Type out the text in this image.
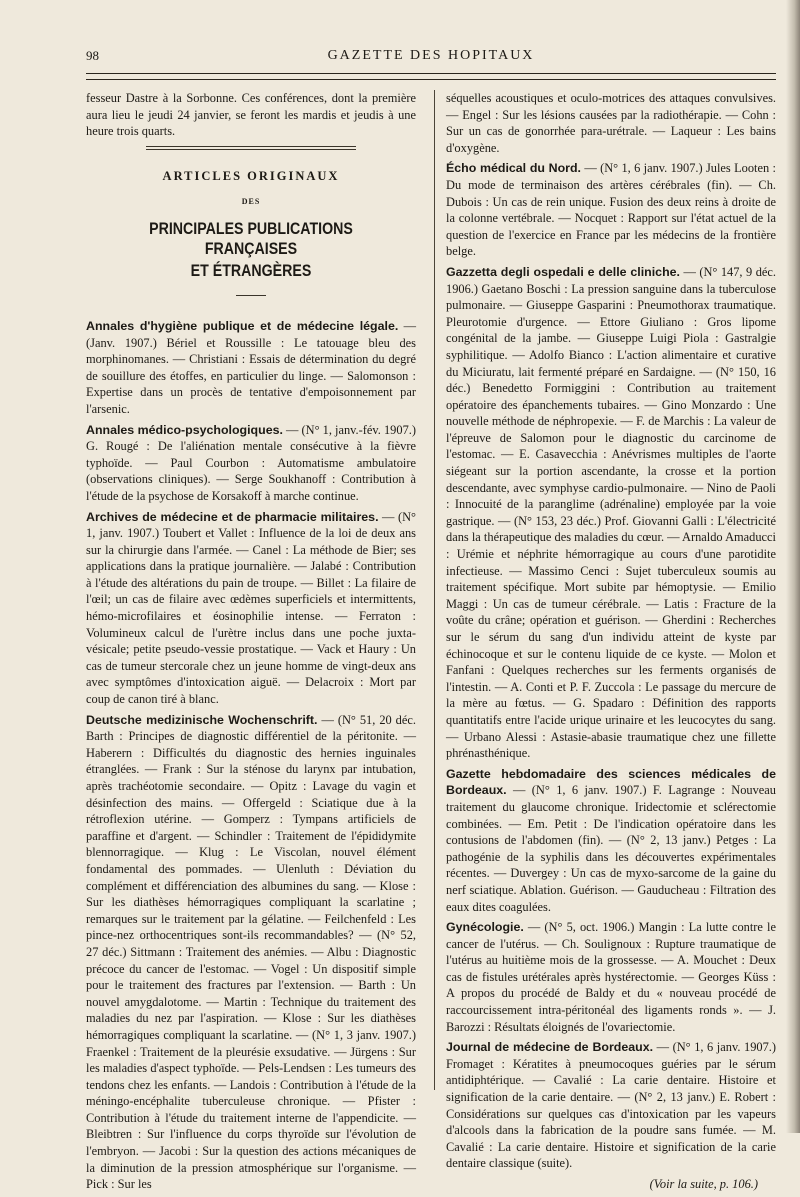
98	GAZETTE DES HOPITAUX

fesseur Dastre à la Sorbonne. Ces conférences, dont la première aura lieu le jeudi 24 janvier, se feront les mardis et jeudis à une heure trois quarts.

ARTICLES ORIGINAUX
DES
PRINCIPALES PUBLICATIONS FRANÇAISES
ET ÉTRANGÈRES

Annales d'hygiène publique et de médecine légale. — (Janv. 1907.) Bériel et Roussille : Le tatouage bleu des morphinomanes. — Christiani : Essais de détermination du degré de souillure des étoffes, en particulier du linge. — Salomonson : Expertise dans un procès de tentative d'empoisonnement par l'arsenic.

Annales médico-psychologiques. — (N° 1, janv.-fév. 1907.) G. Rougé : De l'aliénation mentale consécutive à la fièvre typhoïde. — Paul Courbon : Automatisme ambulatoire (observations cliniques). — Serge Soukhanoff : Contribution à l'étude de la psychose de Korsakoff à marche continue.

Archives de médecine et de pharmacie militaires. — (N° 1, janv. 1907.) Toubert et Vallet : Influence de la loi de deux ans sur la chirurgie dans l'armée. — Canel : La méthode de Bier; ses applications dans la pratique journalière. — Jalabé : Contribution à l'étude des altérations du pain de troupe. — Billet : La filaire de l'œil; un cas de filaire avec œdèmes superficiels et intermittents, hémo-microfilaires et éosinophilie intense. — Ferraton : Volumineux calcul de l'urètre inclus dans une poche juxta-vésicale; petite pseudo-vessie prostatique. — Vack et Haury : Un cas de tumeur stercorale chez un jeune homme de vingt-deux ans avec symptômes d'intoxication aiguë. — Delacroix : Mort par coup de canon tiré à blanc.

Deutsche medizinische Wochenschrift. — (N° 51, 20 déc. Barth : Principes de diagnostic différentiel de la péritonite. — Haberern : Difficultés du diagnostic des hernies inguinales étranglées. — Frank : Sur la sténose du larynx par intubation, après trachéotomie secondaire. — Opitz : Lavage du vagin et désinfection des mains. — Offergeld : Sciatique due à la rétroflexion utérine. — Gomperz : Tympans artificiels de paraffine et d'argent. — Schindler : Traitement de l'épididymite blennorragique. — Klug : Le Viscolan, nouvel élément fondamental des pommades. — Ulenluth : Déviation du complément et différenciation des albumines du sang. — Klose : Sur les diathèses hémorragiques compliquant la scarlatine ; remarques sur le traitement par la gélatine. — Feilchenfeld : Les pince-nez orthocentriques sont-ils recommandables? — (N° 52, 27 déc.) Sittmann : Traitement des anémies. — Albu : Diagnostic précoce du cancer de l'estomac. — Vogel : Un dispositif simple pour le traitement des fractures par l'extension. — Barth : Un nouvel amygdalotome. — Martin : Technique du traitement des maladies du nez par l'aspiration. — Klose : Sur les diathèses hémorragiques compliquant la scarlatine. — (N° 1, 3 janv. 1907.) Fraenkel : Traitement de la pleurésie exsudative. — Jürgens : Sur les maladies d'aspect typhoïde. — Pels-Lendsen : Les tumeurs des tendons chez les enfants. — Landois : Contribution à l'étude de la méningo-encéphalite tuberculeuse chronique. — Pfister : Contribution à l'étude du traitement interne de l'appendicite. — Bleibtren : Sur l'influence du corps thyroïde sur l'évolution de l'embryon. — Jacobi : Sur la question des actions mécaniques de la diminution de la pression atmosphérique sur l'organisme. — Pick : Sur les

séquelles acoustiques et oculo-motrices des attaques convulsives. — Engel : Sur les lésions causées par la radiothérapie. — Cohn : Sur un cas de gonorrhée para-urétrale. — Laqueur : Les bains d'oxygène.

Écho médical du Nord. — (N° 1, 6 janv. 1907.) Jules Looten : Du mode de terminaison des artères cérébrales (fin). — Ch. Dubois : Un cas de rein unique. Fusion des deux reins à droite de la colonne vertébrale. — Nocquet : Rapport sur l'état actuel de la question de l'exercice en France par les médecins de la frontière belge.

Gazzetta degli ospedali e delle cliniche. — (N° 147, 9 déc. 1906.) Gaetano Boschi : La pression sanguine dans la tuberculose pulmonaire. — Giuseppe Gasparini : Pneumothorax traumatique. Pleurotomie d'urgence. — Ettore Giuliano : Gros lipome congénital de la jambe. — Giuseppe Luigi Piola : Gastralgie syphilitique. — Adolfo Bianco : L'action alimentaire et curative du Miciuratu, lait fermenté préparé en Sardaigne. — (N° 150, 16 déc.) Benedetto Formiggini : Contribution au traitement opératoire des épanchements tubaires. — Gino Monzardo : Une nouvelle méthode de néphropexie. — F. de Marchis : La valeur de l'épreuve de Salomon pour le diagnostic du carcinome de l'estomac. — E. Casavecchia : Anévrismes multiples de l'aorte siégeant sur la portion ascendante, la crosse et la portion descendante, avec symphyse cardio-pulmonaire. — Nino de Paoli : Innocuité de la paranglime (adrénaline) employée par la voie gastrique. — (N° 153, 23 déc.) Prof. Giovanni Galli : L'électricité dans la thérapeutique des maladies du cœur. — Arnaldo Amaducci : Urémie et néphrite hémorragique au cours d'une parotidite infectieuse. — Massimo Cenci : Sujet tuberculeux soumis au traitement spécifique. Mort subite par hémoptysie. — Emilio Maggi : Un cas de tumeur cérébrale. — Latis : Fracture de la voûte du crâne; opération et guérison. — Gherdini : Recherches sur le sérum du sang d'un individu atteint de kyste par échinocoque et sur le contenu liquide de ce kyste. — Molon et Fanfani : Quelques recherches sur les ferments organisés de l'intestin. — A. Conti et P. F. Zuccola : Le passage du mercure de la mère au fœtus. — G. Spadaro : Définition des rapports quantitatifs entre l'acide urique urinaire et les leucocytes du sang. — Urbano Alessi : Astasie-abasie traumatique chez une fillette phrénasthénique.

Gazette hebdomadaire des sciences médicales de Bordeaux. — (N° 1, 6 janv. 1907.) F. Lagrange : Nouveau traitement du glaucome chronique. Iridectomie et sclérectomie combinées. — Em. Petit : De l'indication opératoire dans les contusions de l'abdomen (fin). — (N° 2, 13 janv.) Petges : La pathogénie de la syphilis dans les découvertes expérimentales récentes. — Duvergey : Un cas de myxo-sarcome de la gaine du nerf sciatique. Ablation. Guérison. — Gauducheau : Filtration des eaux dites coagulées.

Gynécologie. — (N° 5, oct. 1906.) Mangin : La lutte contre le cancer de l'utérus. — Ch. Soulignoux : Rupture traumatique de l'utérus au huitième mois de la grossesse. — A. Mouchet : Deux cas de fistules urétérales après hystérectomie. — Georges Küss : A propos du procédé de Baldy et du « nouveau procédé de raccourcissement intra-péritonéal des ligaments ronds ». — J. Barozzi : Résultats éloignés de l'ovariectomie.

Journal de médecine de Bordeaux. — (N° 1, 6 janv. 1907.) Fromaget : Kératites à pneumocoques guéries par le sérum antidiphtérique. — Cavalié : La carie dentaire. Histoire et signification de la carie dentaire. — (N° 2, 13 janv.) E. Robert : Considérations sur quelques cas d'intoxication par les vapeurs d'alcools dans la fabrication de la poudre sans fumée. — M. Cavalié : La carie dentaire. Histoire et signification de la carie dentaire classique (suite).

(Voir la suite, p. 106.)
